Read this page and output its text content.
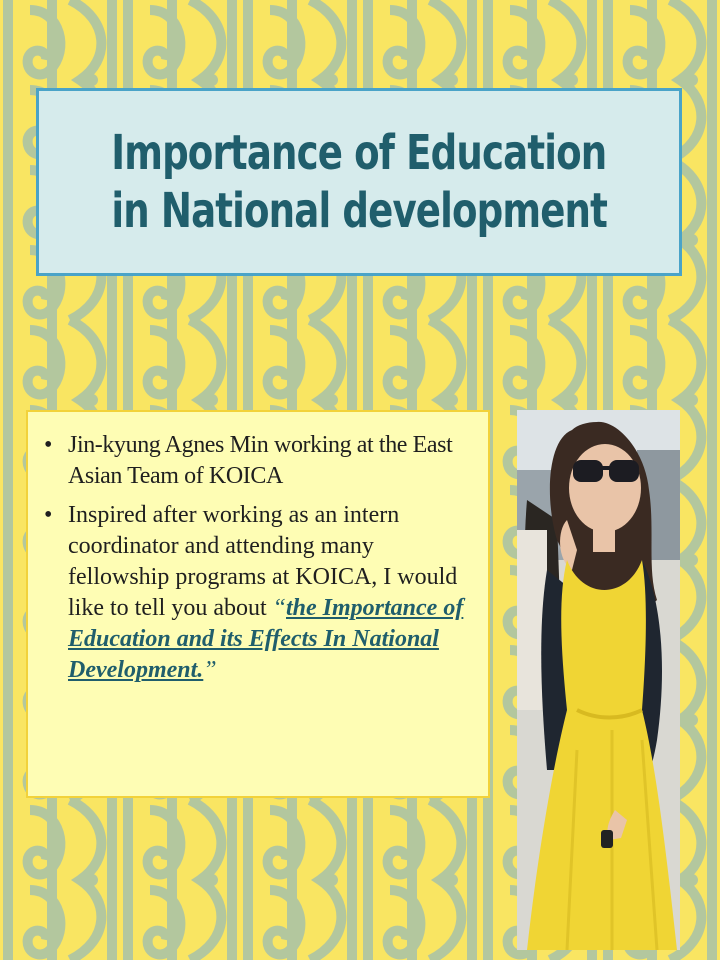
Importance of Education
in National development
• Jin-kyung Agnes Min working at the East Asian Team of KOICA
• Inspired after working as an intern coordinator and attending many fellowship programs at KOICA, I would like to tell you about “the Importance of Education and its Effects In National Development.”
